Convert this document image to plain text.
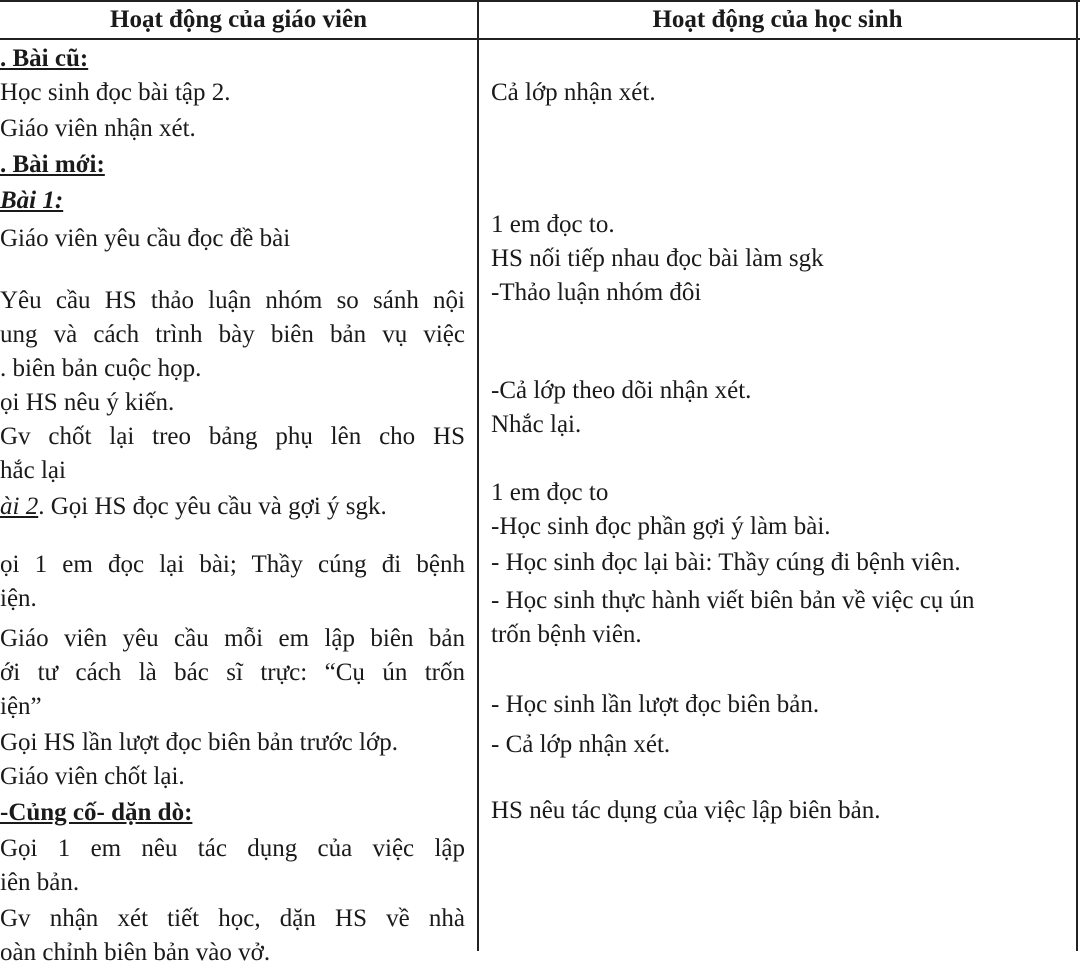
Hoạt động của giáo viên	Hoạt động của học sinh
. Bài cũ:
Học sinh đọc bài tập 2.
Giáo viên nhận xét.
. Bài mới:
Bài 1:
Giáo viên yêu cầu đọc đề bài
Yêu cầu HS thảo luận nhóm so sánh nội
ung và cách trình bày biên bản vụ việc
. biên bản cuộc họp.
ọi HS nêu ý kiến.
Gv chốt lại treo bảng phụ lên cho HS
hắc lại
ài 2. Gọi HS đọc yêu cầu và gợi ý sgk.
ọi 1 em đọc lại bài; Thầy cúng đi bệnh
iện.
Giáo viên yêu cầu mỗi em lập biên bản
ới tư cách là bác sĩ trực: “Cụ ún trốn
iện”
Gọi HS lần lượt đọc biên bản trước lớp.
Giáo viên chốt lại.
-Củng cố- dặn dò:
Gọi 1 em nêu tác dụng của việc lập
iên bản.
Gv nhận xét tiết học, dặn HS về nhà
oàn chỉnh biên bản vào vở.
Cả lớp nhận xét.
1 em đọc to.
HS nối tiếp nhau đọc bài làm sgk
-Thảo luận nhóm đôi
-Cả lớp theo dõi nhận xét.
Nhắc lại.
1 em đọc to
-Học sinh đọc phần gợi ý làm bài.
- Học sinh đọc lại bài: Thầy cúng đi bệnh viên.
- Học sinh thực hành viết biên bản về việc cụ ún
trốn bệnh viên.
- Học sinh lần lượt đọc biên bản.
- Cả lớp nhận xét.
HS nêu tác dụng của việc lập biên bản.
